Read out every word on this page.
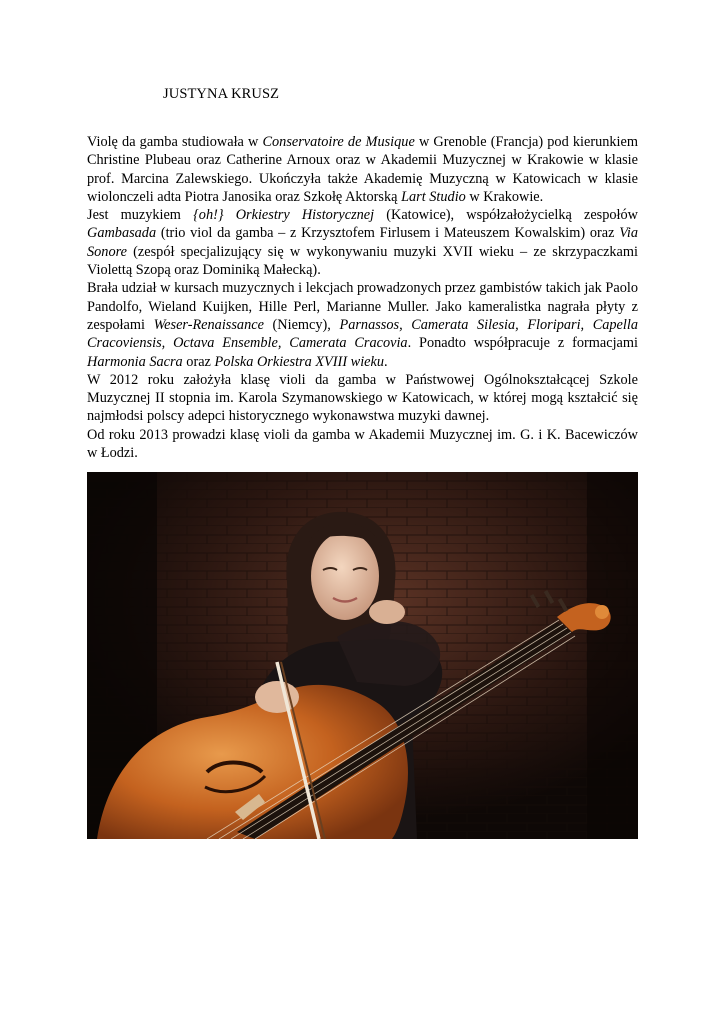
JUSTYNA KRUSZ

Violę da gamba studiowała w Conservatoire de Musique w Grenoble (Francja) pod kierunkiem Christine Plubeau oraz Catherine Arnoux oraz w Akademii Muzycznej w Krakowie w klasie prof. Marcina Zalewskiego. Ukończyła także Akademię Muzyczną w Katowicach w klasie wiolonczeli adta Piotra Janosika oraz Szkołę Aktorską Lart Studio w Krakowie.

Jest muzykiem {oh!} Orkiestry Historycznej (Katowice), współzałożycielką zespołów Gambasada (trio viol da gamba – z Krzysztofem Firlusem i Mateuszem Kowalskim) oraz Via Sonore (zespół specjalizujący się w wykonywaniu muzyki XVII wieku – ze skrzypaczkami Violettą Szopą oraz Dominiką Małecką).

Brała udział w kursach muzycznych i lekcjach prowadzonych przez gambistów takich jak Paolo Pandolfo, Wieland Kuijken, Hille Perl, Marianne Muller. Jako kameralistka nagrała płyty z zespołami Weser-Renaissance (Niemcy), Parnassos, Camerata Silesia, Floripari, Capella Cracoviensis, Octava Ensemble, Camerata Cracovia. Ponadto współpracuje z formacjami Harmonia Sacra oraz Polska Orkiestra XVIII wieku.

W 2012 roku założyła klasę violi da gamba w Państwowej Ogólnokształcącej Szkole Muzycznej II stopnia im. Karola Szymanowskiego w Katowicach, w której mogą kształcić się najmłodsi polscy adepci historycznego wykonawstwa muzyki dawnej.

Od roku 2013 prowadzi klasę violi da gamba w Akademii Muzycznej im. G. i K. Bacewiczów w Łodzi.
